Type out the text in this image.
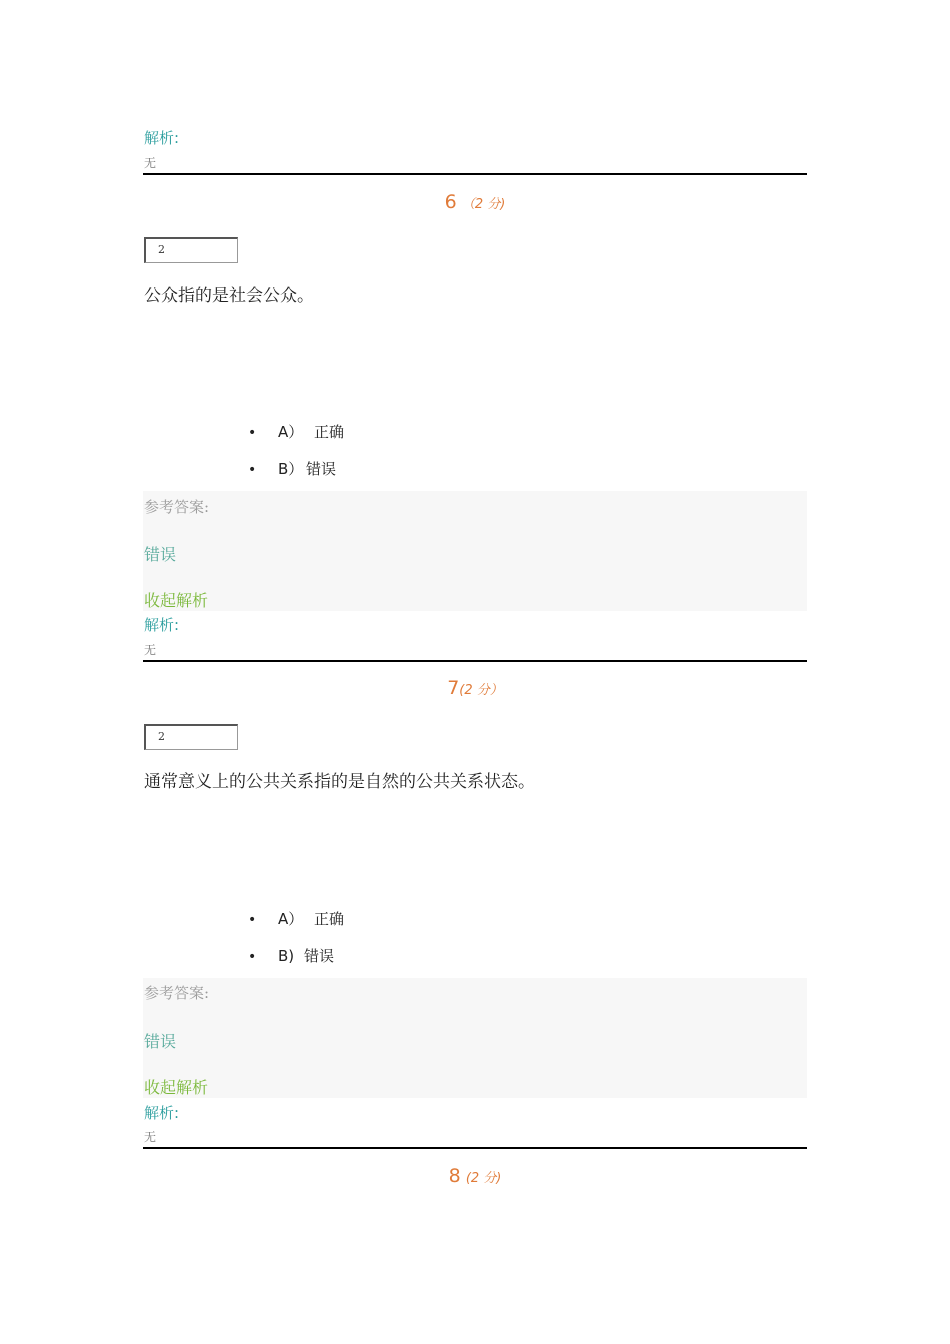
解析:
无
6 （2 分)
2
公众指的是社会公众。
• A） 正确
• B） 错误
参考答案:
错误
收起解析
解析:
无
7(2 分）
2
通常意义上的公共关系指的是自然的公共关系状态。
• A） 正确
• B) 错误
参考答案:
错误
收起解析
解析:
无
8 (2 分)
